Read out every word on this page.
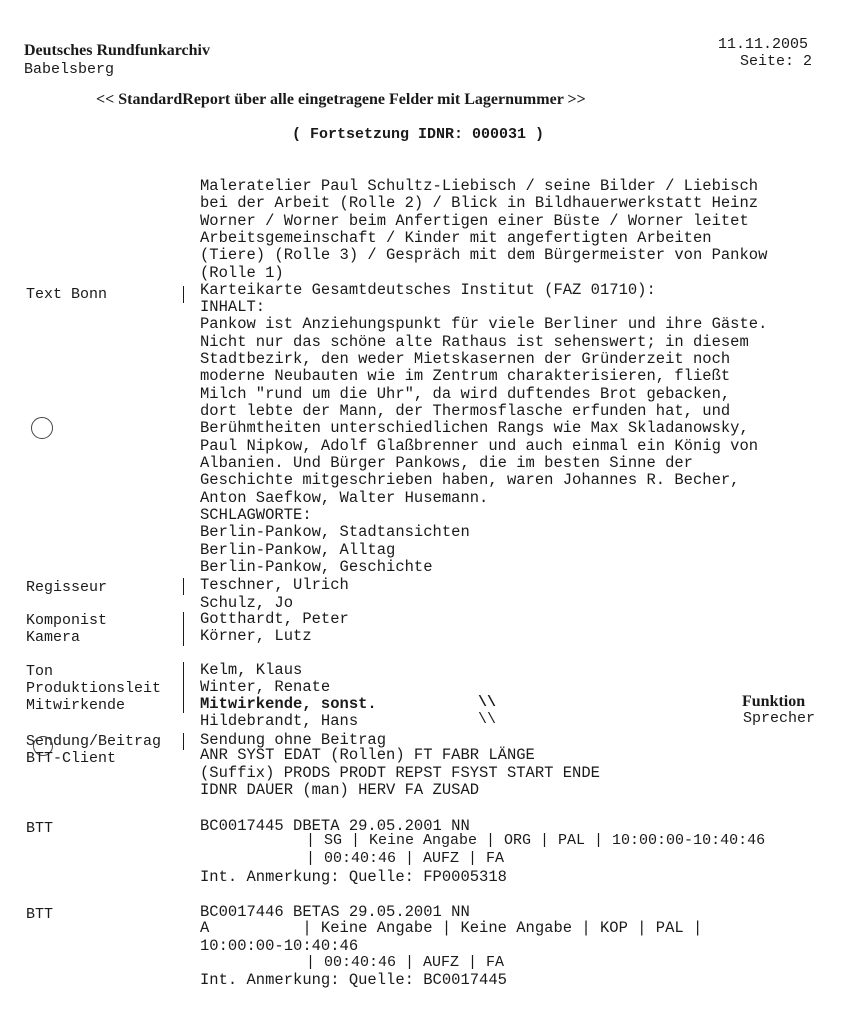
Deutsches Rundfunkarchiv
Babelsberg
11.11.2005
Seite: 2
<< StandardReport über alle eingetragene Felder mit Lagernummer >>
( Fortsetzung IDNR: 000031 )
Maleratelier Paul Schultz-Liebisch / seine Bilder / Liebisch
bei der Arbeit (Rolle 2) / Blick in Bildhauerwerkstatt Heinz
Worner / Worner beim Anfertigen einer Büste / Worner leitet
Arbeitsgemeinschaft / Kinder mit angefertigten Arbeiten
(Tiere) (Rolle 3) / Gespräch mit dem Bürgermeister von Pankow
(Rolle 1)
Text Bonn	Karteikarte Gesamtdeutsches Institut (FAZ 01710):
INHALT:
Pankow ist Anziehungspunkt für viele Berliner und ihre Gäste.
Nicht nur das schöne alte Rathaus ist sehenswert; in diesem
Stadtbezirk, den weder Mietskasernen der Gründerzeit noch
moderne Neubauten wie im Zentrum charakterisieren, fließt
Milch "rund um die Uhr", da wird duftendes Brot gebacken,
dort lebte der Mann, der Thermosflasche erfunden hat, und
Berühmtheiten unterschiedlichen Rangs wie Max Skladanowsky,
Paul Nipkow, Adolf Glaßbrenner und auch einmal ein König von
Albanien. Und Bürger Pankows, die im besten Sinne der
Geschichte mitgeschrieben haben, waren Johannes R. Becher,
Anton Saefkow, Walter Husemann.
SCHLAGWORTE:
Berlin-Pankow, Stadtansichten
Berlin-Pankow, Alltag
Berlin-Pankow, Geschichte
Regisseur	Teschner, Ulrich
Schulz, Jo
Komponist	Gotthardt, Peter
Kamera	Körner, Lutz
Ton	Kelm, Klaus
Produktionsleit	Winter, Renate
Mitwirkende	Mitwirkende, sonst.	\\	Funktion
Hildebrandt, Hans	\\	Sprecher
Sendung/Beitrag	Sendung ohne Beitrag
BTT-Client	ANR SYST EDAT (Rollen) FT FABR LÄNGE
(Suffix) PRODS PRODT REPST FSYST START ENDE
IDNR DAUER (man) HERV FA ZUSAD
BTT	BC0017445 DBETA 29.05.2001 NN
| SG | Keine Angabe | ORG | PAL | 10:00:00-10:40:46
| 00:40:46 | AUFZ | FA
Int. Anmerkung: Quelle: FP0005318
BTT	BC0017446 BETAS 29.05.2001 NN
A          | Keine Angabe | Keine Angabe | KOP | PAL |
10:00:00-10:40:46
| 00:40:46 | AUFZ | FA
Int. Anmerkung: Quelle: BC0017445
